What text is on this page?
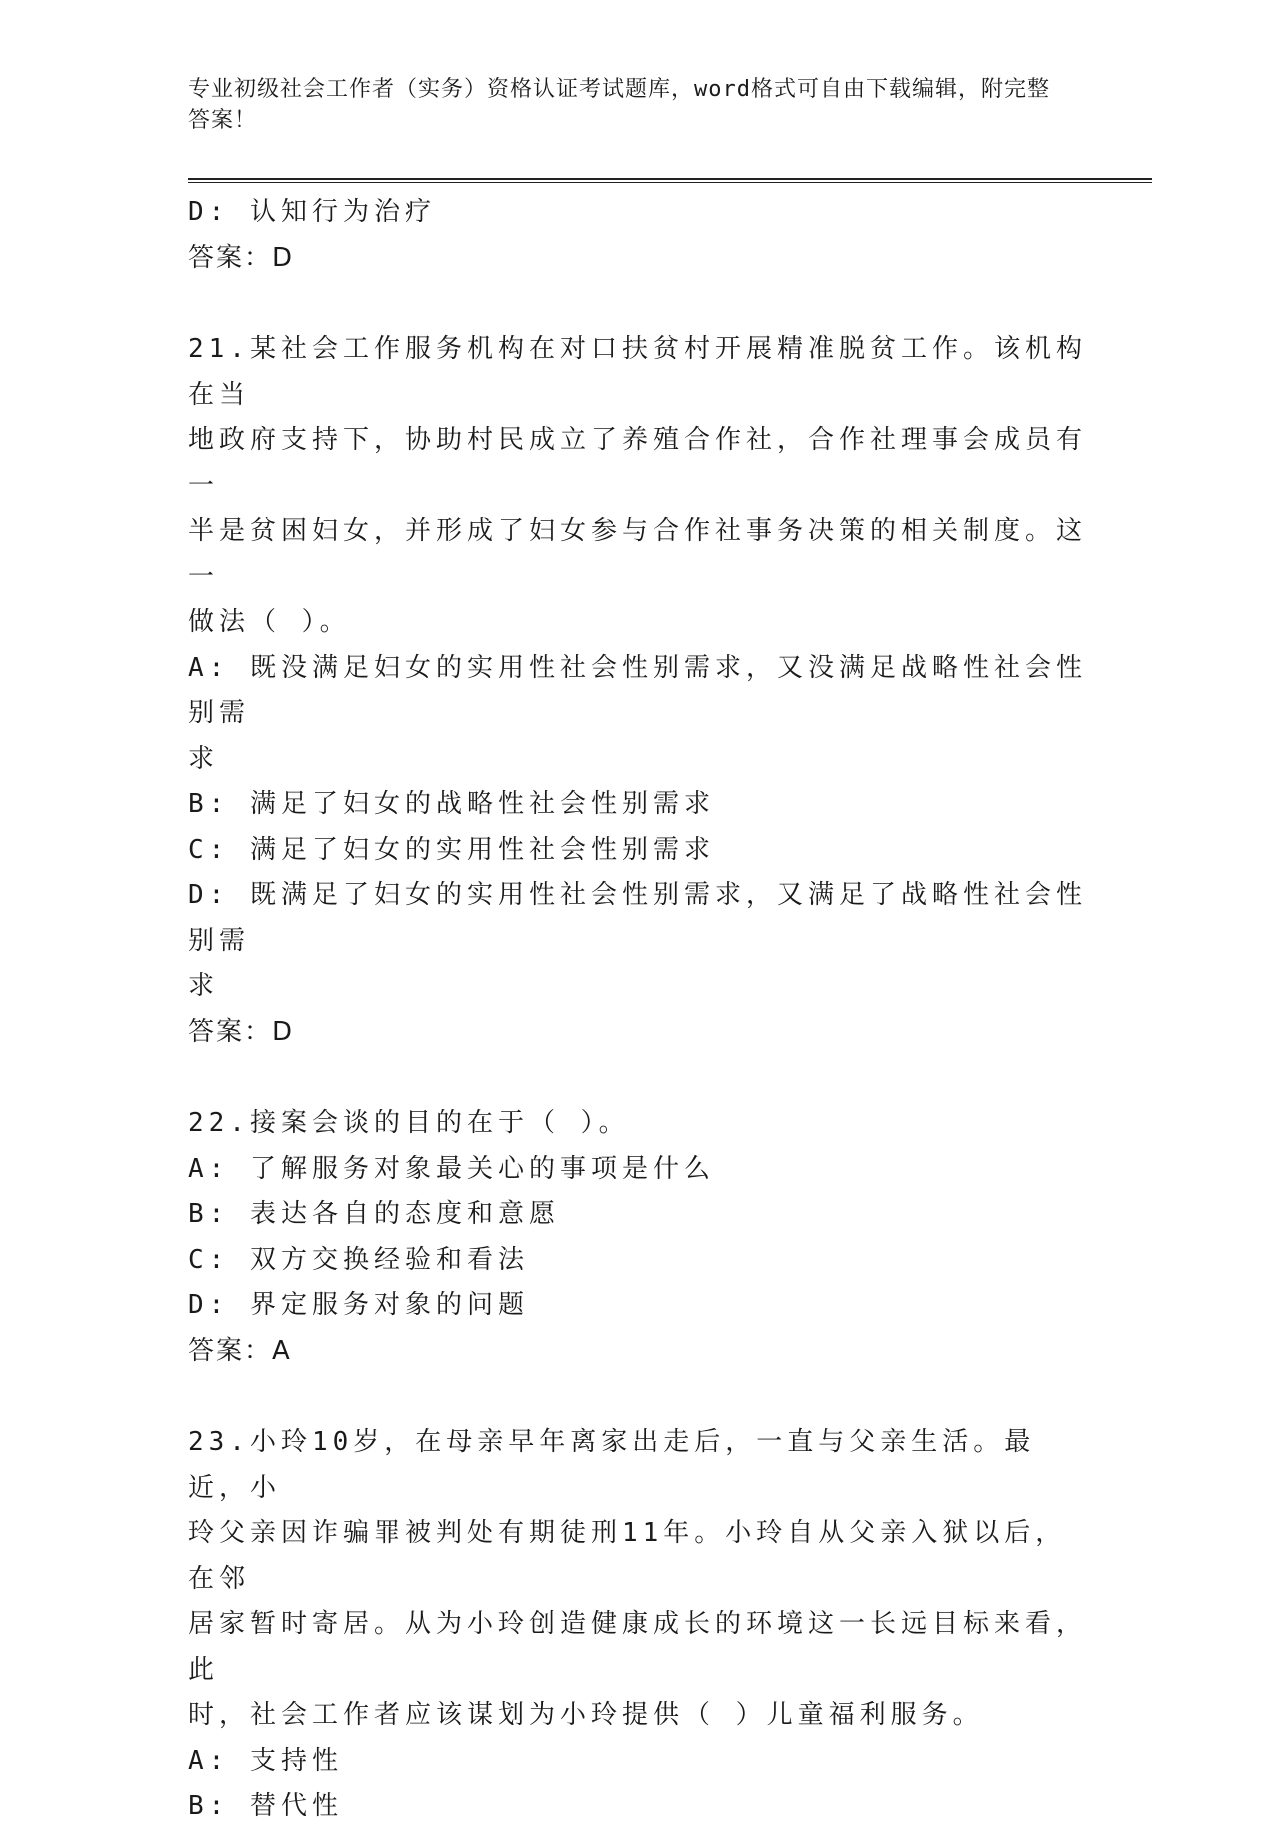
专业初级社会工作者（实务）资格认证考试题库，word格式可自由下载编辑，附完整答案！
D: 认知行为治疗
答案：D
21.某社会工作服务机构在对口扶贫村开展精准脱贫工作。该机构在当
地政府支持下，协助村民成立了养殖合作社，合作社理事会成员有一
半是贫困妇女，并形成了妇女参与合作社事务决策的相关制度。这一
做法（ ）。
A: 既没满足妇女的实用性社会性别需求，又没满足战略性社会性别需
求
B: 满足了妇女的战略性社会性别需求
C: 满足了妇女的实用性社会性别需求
D: 既满足了妇女的实用性社会性别需求，又满足了战略性社会性别需
求
答案：D
22.接案会谈的目的在于（ ）。
A: 了解服务对象最关心的事项是什么
B: 表达各自的态度和意愿
C: 双方交换经验和看法
D: 界定服务对象的问题
答案：A
23.小玲10岁，在母亲早年离家出走后，一直与父亲生活。最近，小
玲父亲因诈骗罪被判处有期徒刑11年。小玲自从父亲入狱以后，在邻
居家暂时寄居。从为小玲创造健康成长的环境这一长远目标来看，此
时，社会工作者应该谋划为小玲提供（ ）儿童福利服务。
A: 支持性
B: 替代性
